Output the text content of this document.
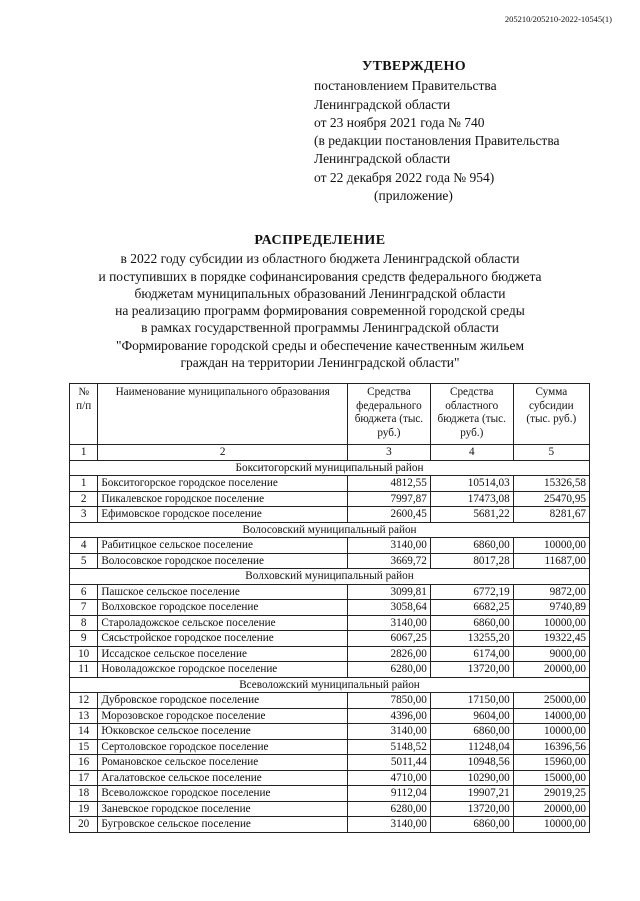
205210/205210-2022-10545(1)
УТВЕРЖДЕНО
постановлением Правительства
Ленинградской области
от 23 ноября 2021 года № 740
(в редакции постановления Правительства
Ленинградской области
от 22 декабря 2022 года № 954)
(приложение)
РАСПРЕДЕЛЕНИЕ
в 2022 году субсидии из областного бюджета Ленинградской области
и поступивших в порядке софинансирования средств федерального бюджета
бюджетам муниципальных образований Ленинградской области
на реализацию программ формирования современной городской среды
в рамках государственной программы Ленинградской области
"Формирование городской среды и обеспечение качественным жильем
граждан на территории Ленинградской области"
№ п/п	Наименование муниципального образования	Средства федерального бюджета (тыс. руб.)	Средства областного бюджета (тыс. руб.)	Сумма субсидии (тыс. руб.)
1	2	3	4	5
Бокситогорский муниципальный район				
1	Бокситогорское городское поселение	4812,55	10514,03	15326,58
2	Пикалевское городское поселение	7997,87	17473,08	25470,95
3	Ефимовское городское поселение	2600,45	5681,22	8281,67
Волосовский муниципальный район				
4	Рабитицкое сельское поселение	3140,00	6860,00	10000,00
5	Волосовское городское поселение	3669,72	8017,28	11687,00
Волховский муниципальный район				
6	Пашское сельское поселение	3099,81	6772,19	9872,00
7	Волховское городское поселение	3058,64	6682,25	9740,89
8	Староладожское сельское поселение	3140,00	6860,00	10000,00
9	Сясьстройское городское поселение	6067,25	13255,20	19322,45
10	Иссадское сельское поселение	2826,00	6174,00	9000,00
11	Новоладожское городское поселение	6280,00	13720,00	20000,00
Всеволожский муниципальный район				
12	Дубровское городское поселение	7850,00	17150,00	25000,00
13	Морозовское городское поселение	4396,00	9604,00	14000,00
14	Юкковское сельское поселение	3140,00	6860,00	10000,00
15	Сертоловское городское поселение	5148,52	11248,04	16396,56
16	Романовское сельское поселение	5011,44	10948,56	15960,00
17	Агалатовское сельское поселение	4710,00	10290,00	15000,00
18	Всеволожское городское поселение	9112,04	19907,21	29019,25
19	Заневское городское поселение	6280,00	13720,00	20000,00
20	Бугровское сельское поселение	3140,00	6860,00	10000,00
